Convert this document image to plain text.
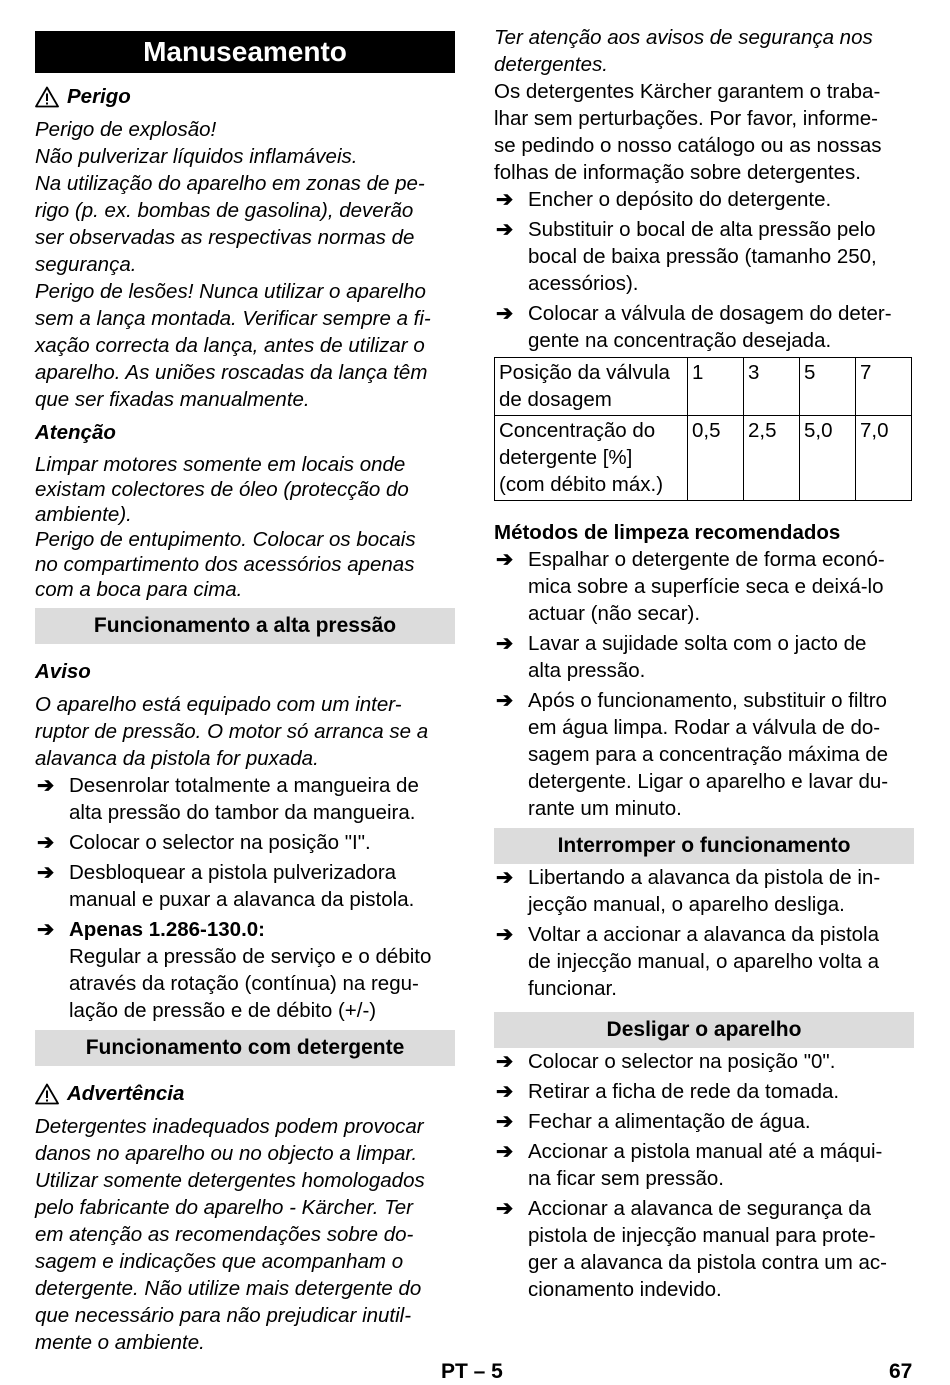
Manuseamento
Perigo
Perigo de explosão!
Não pulverizar líquidos inflamáveis.
Na utilização do aparelho em zonas de pe-
rigo (p. ex. bombas de gasolina), deverão
ser observadas as respectivas normas de
segurança.
Perigo de lesões! Nunca utilizar o aparelho
sem a lança montada. Verificar sempre a fi-
xação correcta da lança, antes de utilizar o
aparelho. As uniões roscadas da lança têm
que ser fixadas manualmente.
Atenção
Limpar motores somente em locais onde
existam colectores de óleo (protecção do
ambiente).
Perigo de entupimento. Colocar os bocais
no compartimento dos acessórios apenas
com a boca para cima.
Funcionamento a alta pressão
Aviso
O aparelho está equipado com um inter-
ruptor de pressão. O motor só arranca se a
alavanca da pistola for puxada.
➔ Desenrolar totalmente a mangueira de
alta pressão do tambor da mangueira.
➔ Colocar o selector na posição "I".
➔ Desbloquear a pistola pulverizadora
manual e puxar a alavanca da pistola.
➔ Apenas 1.286-130.0:
Regular a pressão de serviço e o débito
através da rotação (contínua) na regu-
lação de pressão e de débito (+/-)
Funcionamento com detergente
Advertência
Detergentes inadequados podem provocar
danos no aparelho ou no objecto a limpar.
Utilizar somente detergentes homologados
pelo fabricante do aparelho - Kärcher. Ter
em atenção as recomendações sobre do-
sagem e indicações que acompanham o
detergente. Não utilize mais detergente do
que necessário para não prejudicar inutil-
mente o ambiente.
Ter atenção aos avisos de segurança nos
detergentes.
Os detergentes Kärcher garantem o traba-
lhar sem perturbações. Por favor, informe-
se pedindo o nosso catálogo ou as nossas
folhas de informação sobre detergentes.
➔ Encher o depósito do detergente.
➔ Substituir o bocal de alta pressão pelo
bocal de baixa pressão (tamanho 250,
acessórios).
➔ Colocar a válvula de dosagem do deter-
gente na concentração desejada.
Posição da válvula
de dosagem	1	3	5	7

Concentração do
detergente [%]
(com débito máx.)	0,5	2,5	5,0	7,0
Métodos de limpeza recomendados
➔ Espalhar o detergente de forma econó-
mica sobre a superfície seca e deixá-lo
actuar (não secar).
➔ Lavar a sujidade solta com o jacto de
alta pressão.
➔ Após o funcionamento, substituir o filtro
em água limpa. Rodar a válvula de do-
sagem para a concentração máxima de
detergente. Ligar o aparelho e lavar du-
rante um minuto.
Interromper o funcionamento
➔ Libertando a alavanca da pistola de in-
jecção manual, o aparelho desliga.
➔ Voltar a accionar a alavanca da pistola
de injecção manual, o aparelho volta a
funcionar.
Desligar o aparelho
➔ Colocar o selector na posição "0".
➔ Retirar a ficha de rede da tomada.
➔ Fechar a alimentação de água.
➔ Accionar a pistola manual até a máqui-
na ficar sem pressão.
➔ Accionar a alavanca de segurança da
pistola de injecção manual para prote-
ger a alavanca da pistola contra um ac-
cionamento indevido.
PT – 5	67
